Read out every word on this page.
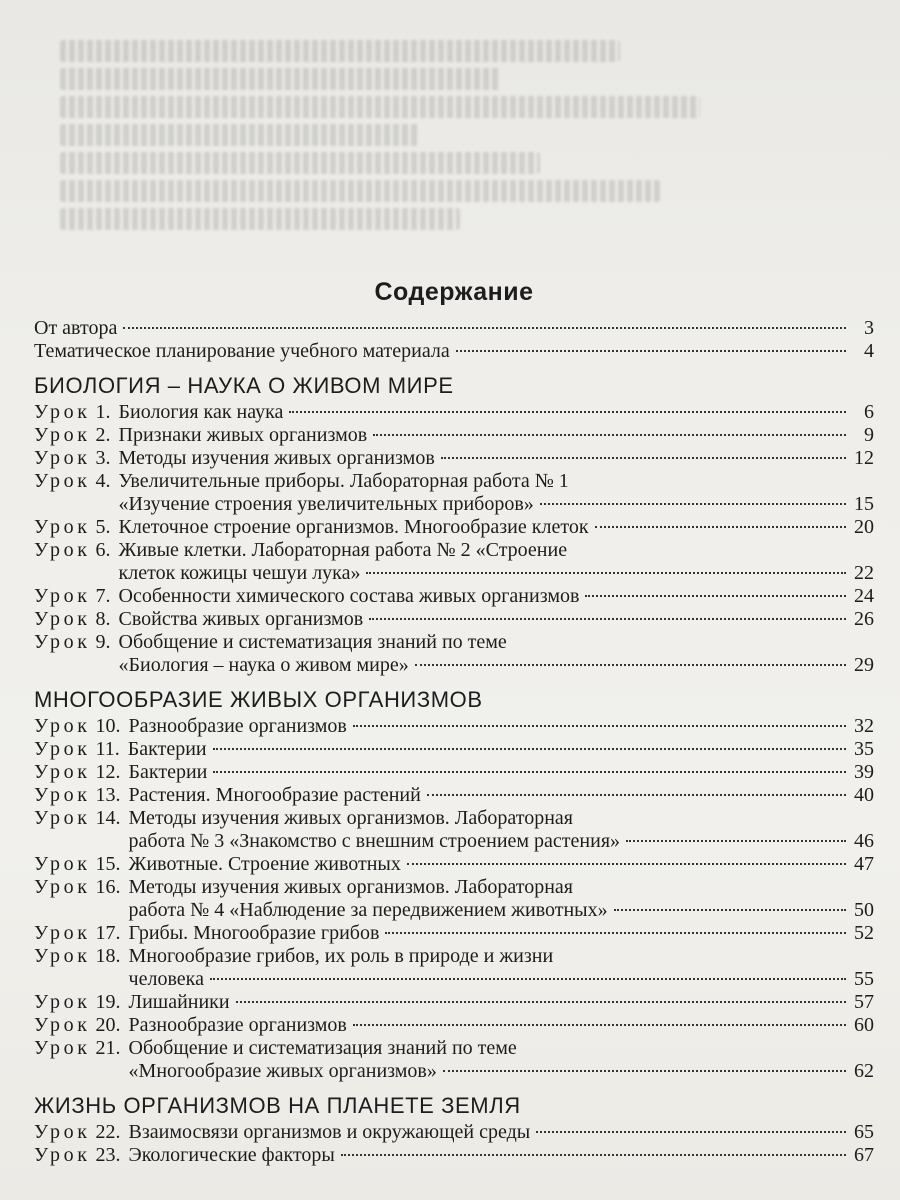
Содержание
От автора	3
Тематическое планирование учебного материала	4
БИОЛОГИЯ – НАУКА О ЖИВОМ МИРЕ
Урок
1. Биология как наука	6
Урок
2. Признаки живых организмов	9
Урок
3. Методы изучения живых организмов	12
Урок
4. Увеличительные приборы. Лабораторная работа № 1
«Изучение строения увеличительных приборов»	15
Урок
5. Клеточное строение организмов. Многообразие клеток	20
Урок
6. Живые клетки. Лабораторная работа № 2 «Строение
клеток кожицы чешуи лука»	22
Урок
7. Особенности химического состава живых организмов	24
Урок
8. Свойства живых организмов	26
Урок
9. Обобщение и систематизация знаний по теме
«Биология – наука о живом мире»	29
МНОГООБРАЗИЕ ЖИВЫХ ОРГАНИЗМОВ
Урок
10. Разнообразие организмов	32
Урок
11. Бактерии	35
Урок
12. Бактерии	39
Урок
13. Растения. Многообразие растений	40
Урок
14. Методы изучения живых организмов. Лабораторная
работа № 3 «Знакомство с внешним строением растения»	46
Урок
15. Животные. Строение животных	47
Урок
16. Методы изучения живых организмов. Лабораторная
работа № 4 «Наблюдение за передвижением животных»	50
Урок
17. Грибы. Многообразие грибов	52
Урок
18. Многообразие грибов, их роль в природе и жизни
человека	55
Урок
19. Лишайники	57
Урок
20. Разнообразие организмов	60
Урок
21. Обобщение и систематизация знаний по теме
«Многообразие живых организмов»	62
ЖИЗНЬ ОРГАНИЗМОВ НА ПЛАНЕТЕ ЗЕМЛЯ
Урок
22. Взаимосвязи организмов и окружающей среды	65
Урок
23. Экологические факторы	67
